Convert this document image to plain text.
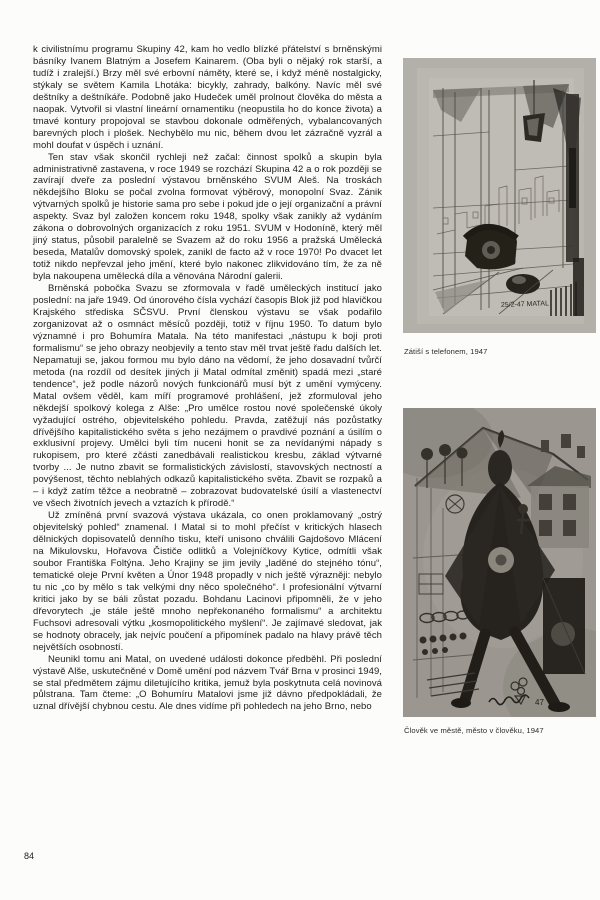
k civilistnímu programu Skupiny 42, kam ho vedlo blízké přátelství s brněnskými básníky Ivanem Blatným a Josefem Kainarem. (Oba byli o nějaký rok starší, a tudíž i zralejší.) Brzy měl své erbovní náměty, které se, i když méně nostalgicky, stýkaly se světem Kamila Lhotáka: bicykly, zahrady, balkóny. Navíc měl své deštníky a deštníkáře. Podobně jako Hudeček uměl prolnout člověka do města a naopak. Vytvořil si vlastní lineární ornamentiku (neopustila ho do konce života) a tmavé kontury propojoval se stavbou dokonale odměřených, vybalancovaných barevných ploch i plošek. Nechybělo mu nic, během dvou let zázračně vyzrál a mohl doufat v úspěch i uznání.

Ten stav však skončil rychleji než začal: činnost spolků a skupin byla administrativně zastavena, v roce 1949 se rozchází Skupina 42 a o rok později se zavírají dveře za poslední výstavou brněnského SVUM Aleš. Na troskách někdejšího Bloku se počal zvolna formovat výběrový, monopolní Svaz. Zánik výtvarných spolků je historie sama pro sebe i pokud jde o její organizační a právní aspekty. Svaz byl založen koncem roku 1948, spolky však zanikly až vydáním zákona o dobrovolných organizacích z roku 1951. SVUM v Hodoníně, který měl jiný status, působil paralelně se Svazem až do roku 1956 a pražská Umělecká beseda, Matalův domovský spolek, zanikl de facto až v roce 1970! Po dvacet let totiž nikdo nepřevzal jeho jmění, které bylo nakonec zlikvidováno tím, že za ně byla nakoupena umělecká díla a věnována Národní galerii.

Brněnská pobočka Svazu se zformovala v řadě uměleckých institucí jako poslední: na jaře 1949. Od únorového čísla vychází časopis Blok již pod hlavičkou Krajského střediska SČSVU. První členskou výstavu se však podařilo zorganizovat až o osmnáct měsíců později, totiž v říjnu 1950. To datum bylo významné i pro Bohumíra Matala. Na této manifestaci „nástupu k boji proti formalismu“ se jeho obrazy neobjevily a tento stav měl trvat ještě řadu dalších let. Nepamatuji se, jakou formou mu bylo dáno na vědomí, že jeho dosavadní tvůrčí metoda (na rozdíl od desítek jiných ji Matal odmítal změnit) spadá mezi „staré tendence“, jež podle názorů nových funkcionářů musí být z umění vymýceny. Matal ovšem věděl, kam míří programové prohlášení, jež zformuloval jeho někdejší spolkový kolega z Alše: „Pro umělce rostou nové společenské úkoly vyžadující ostrého, objevitelského pohledu. Pravda, zatěžují nás pozůstatky dřívějšího kapitalistického světa s jeho nezájmem o pravdivé poznání a úsilím o exklusivní projevy. Umělci byli tím nuceni honit se za nevídanými nápady s rukopisem, pro které zčásti zanedbávali realistickou kresbu, základ výtvarné tvorby ... Je nutno zbavit se formalistických závislostí, stavovských nectností a povýšenost, těchto neblahých odkazů kapitalistického světa. Zbavit se rozpaků a – i když zatím těžce a neobratně – zobrazovat budovatelské úsilí a vlastenectví ve všech životních jevech a vztazích k přírodě.“

Už zmíněná první svazová výstava ukázala, co onen proklamovaný „ostrý objevitelský pohled“ znamenal. I Matal si to mohl přečíst v kritických hlasech dělnických dopisovatelů denního tisku, kteří unisono chválili Gajdošovo Mlácení na Mikulovsku, Hořavova Čističe odlitků a Volejníčkovy Kytice, odmítli však soubor Františka Foltýna. Jeho Krajiny se jim jevily „laděné do stejného tónu“, tematické oleje První květen a Únor 1948 propadly v nich ještě výrazněji: nebylo tu nic „co by mělo s tak velkými dny něco společného“. I profesionální výtvarní kritici jako by se báli zůstat pozadu. Bohdanu Lacinovi připomněli, že v jeho dřevorytech „je stále ještě mnoho nepřekonaného formalismu“ a architektu Fuchsovi adresovali výtku „kosmopolitického myšlení“. Je zajímavé sledovat, jak se hodnoty obracely, jak nejvíc poučení a připomínek padalo na hlavy právě těch největších osobností.

Neunikl tomu ani Matal, on uvedené události dokonce předběhl. Při poslední výstavě Alše, uskutečněné v Domě umění pod názvem Tvář Brna v prosinci 1949, se stal předmětem zájmu diletujícího kritika, jemuž byla poskytnuta celá novinová půlstrana. Tam čteme: „O Bohumíru Matalovi jsme již dávno předpokládali, že uznal dřívější chybnou cestu. Ale dnes vidíme při pohledech na jeho Brno, nebo

25/2-47 MATAL
Zátiší s telefonem, 1947
47
Člověk ve městě, město v člověku, 1947
84
